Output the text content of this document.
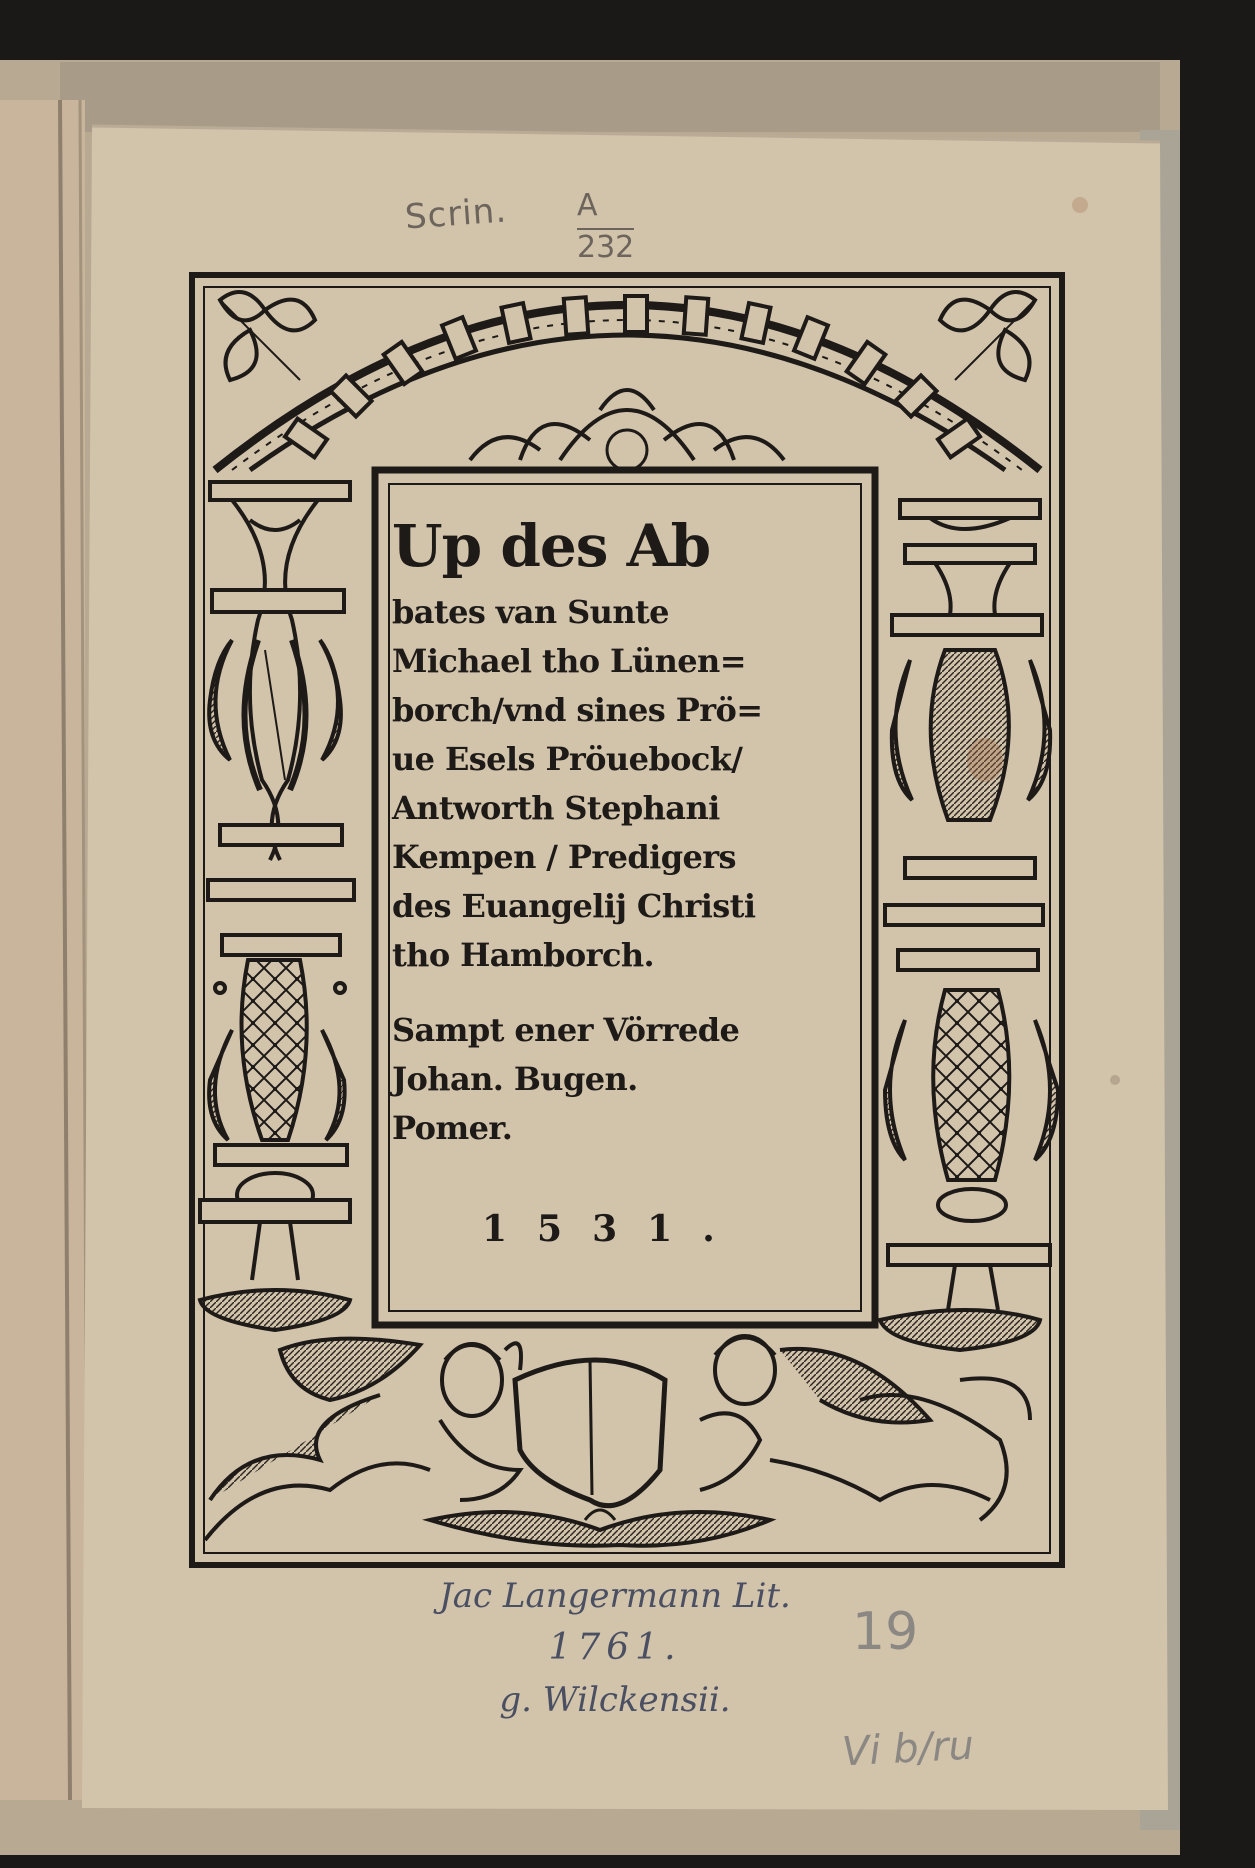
Scrin. A
232
Up des Ab
bates van Sunte
Michael tho Lünen=
borch/vnd sines Prö=
ue Esels Pröuebock/
Antworth Stephani
Kempen / Predigers
des Euangelij Christi
tho Hamborch.
Sampt ener Vörrede
Johan. Bugen.
Pomer.
1531.
Jac Langermann Lit.
1761.
g. Wilckensii.
19
Vi b/ru
